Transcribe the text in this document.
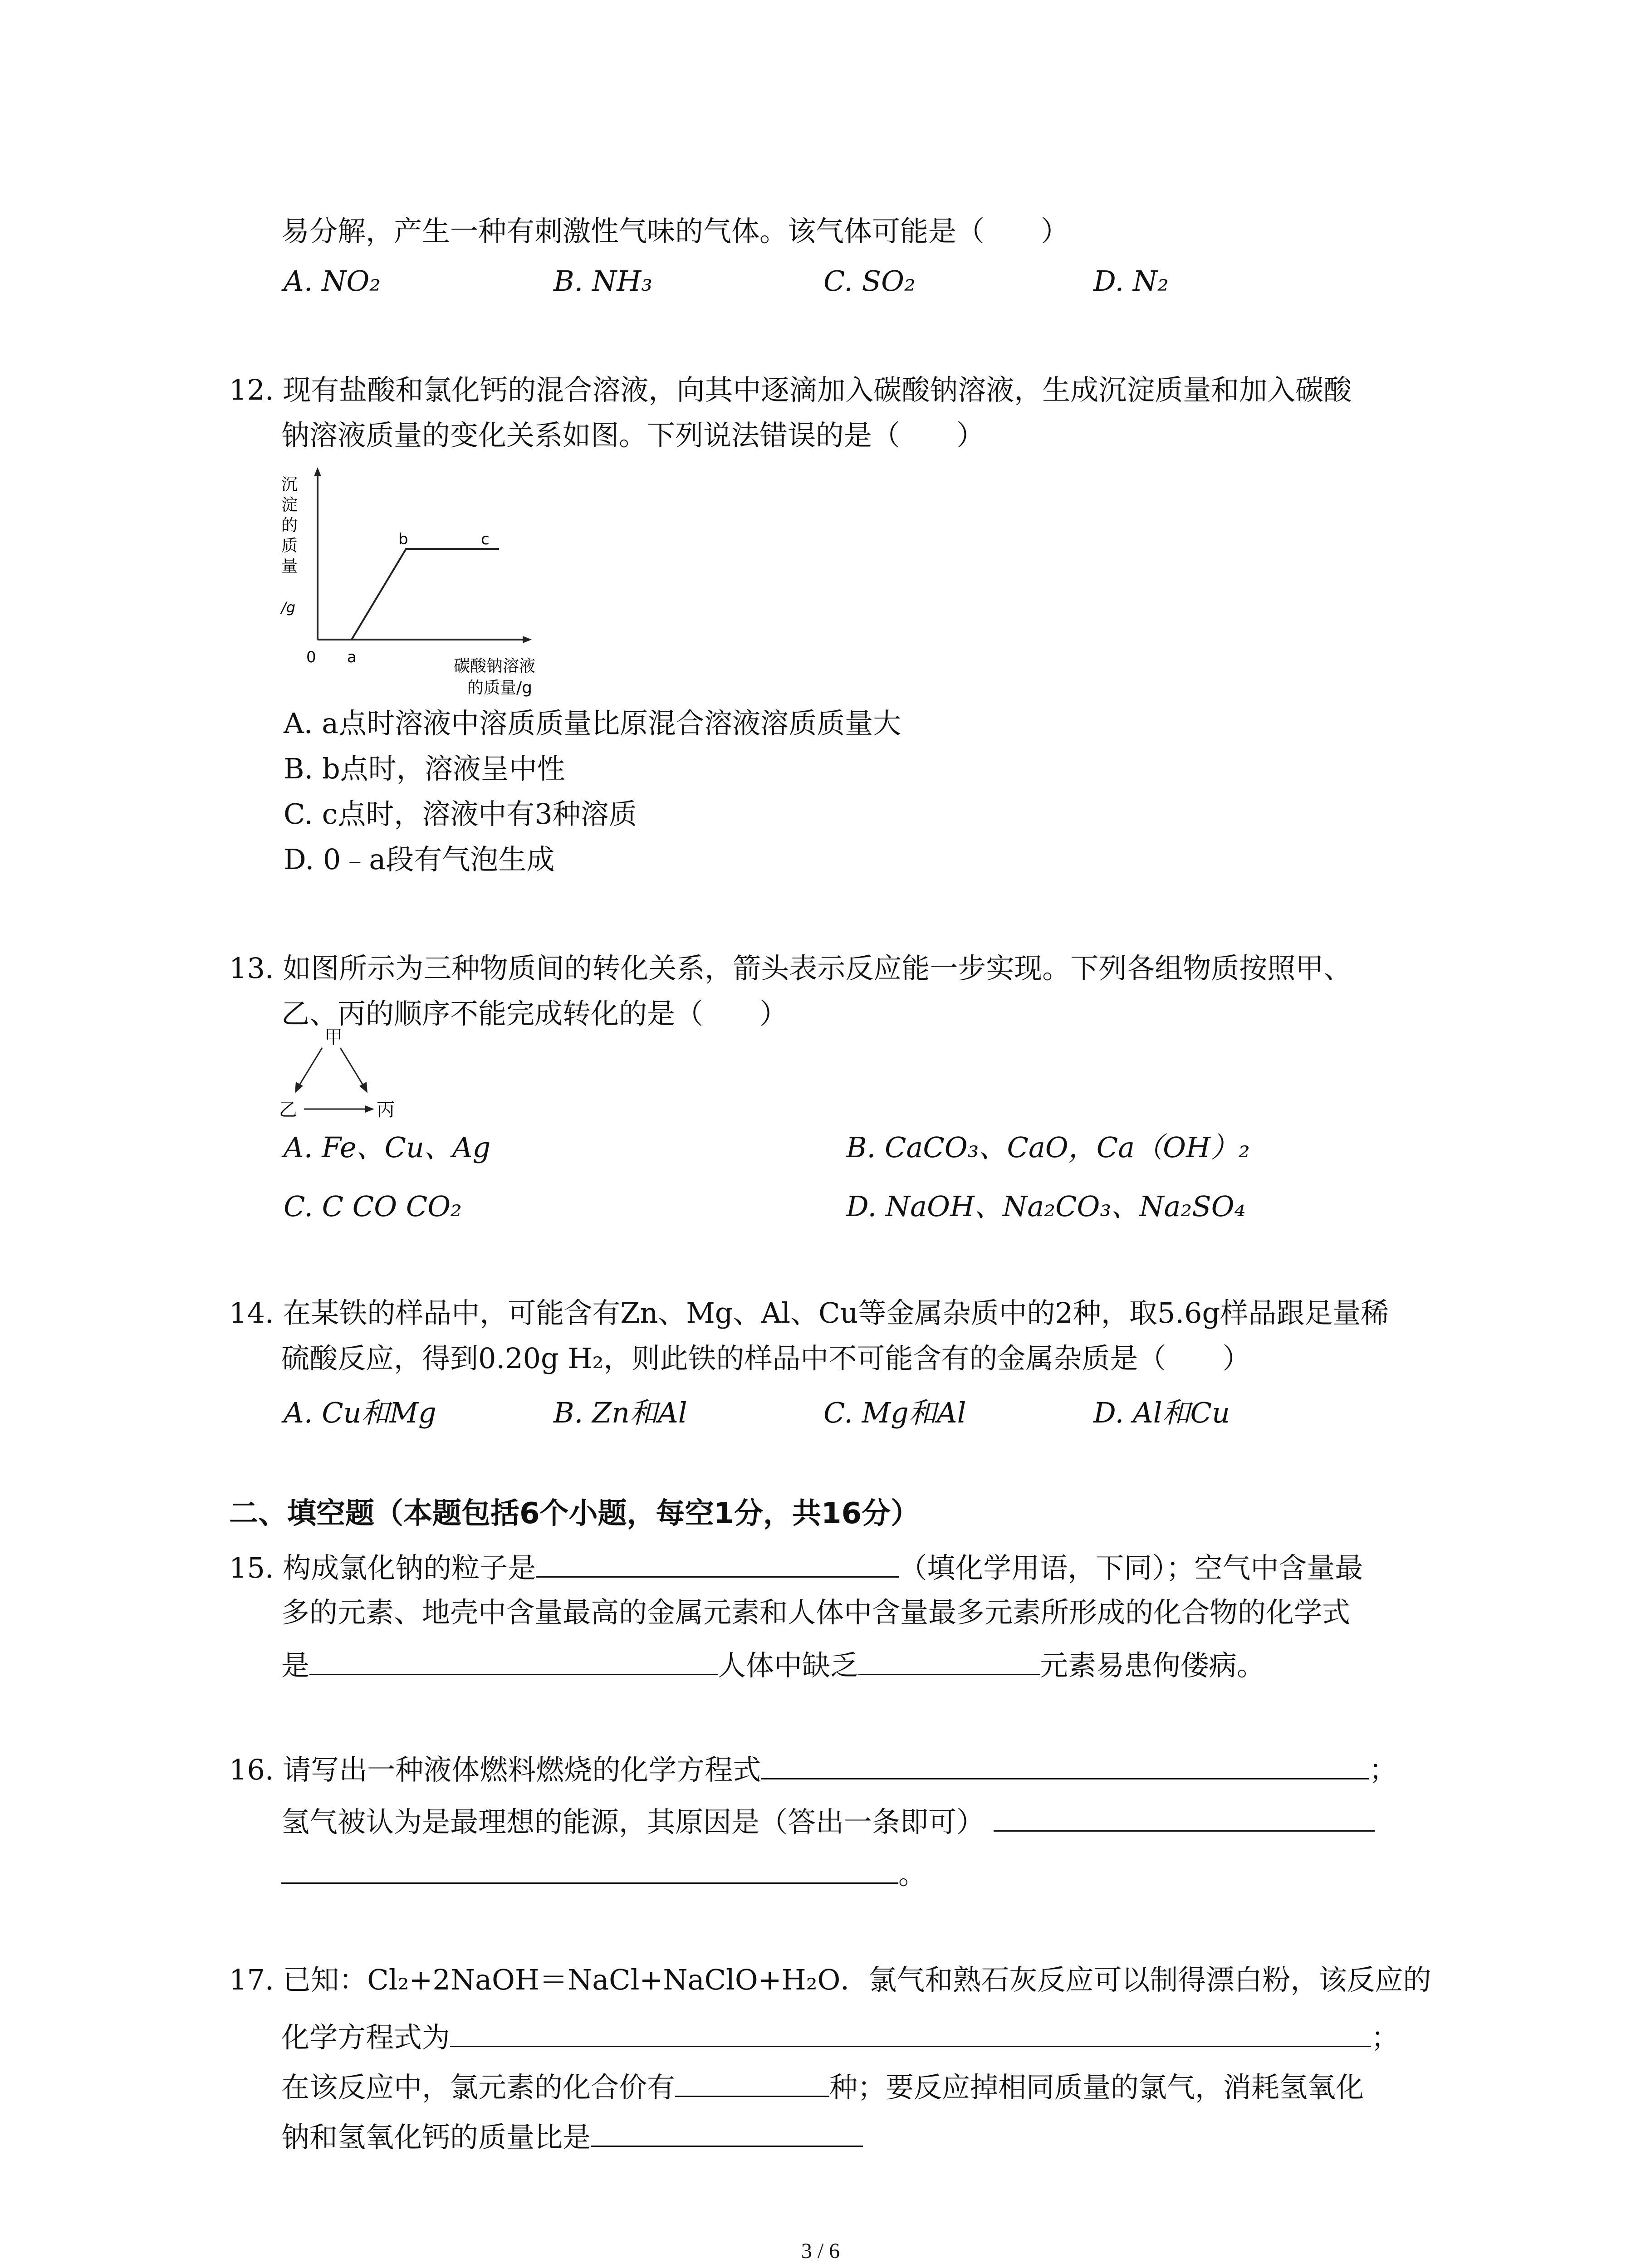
易分解，产生一种有刺激性气味的气体。该气体可能是（　　）
A. NO₂	B. NH₃	C. SO₂	D. N₂
12. 现有盐酸和氯化钙的混合溶液，向其中逐滴加入碳酸钠溶液，生成沉淀质量和加入碳酸
钠溶液质量的变化关系如图。下列说法错误的是（　　）
沉
淀
的
质
量
/g
0 a
b	c
碳酸钠溶液
的质量/g
A. a点时溶液中溶质质量比原混合溶液溶质质量大
B. b点时，溶液呈中性
C. c点时，溶液中有3种溶质
D. 0﹣a段有气泡生成
13. 如图所示为三种物质间的转化关系，箭头表示反应能一步实现。下列各组物质按照甲、
乙、丙的顺序不能完成转化的是（　　）
甲
乙	丙
A. Fe、Cu、Ag	B. CaCO₃、CaO，Ca（OH）₂
C. C CO CO₂	D. NaOH、Na₂CO₃、Na₂SO₄
14. 在某铁的样品中，可能含有Zn、Mg、Al、Cu等金属杂质中的2种，取5.6g样品跟足量稀
硫酸反应，得到0.20g H₂，则此铁的样品中不可能含有的金属杂质是（　　）
A. Cu和Mg	B. Zn和Al	C. Mg和Al	D. Al和Cu
二、填空题（本题包括6个小题，每空1分，共16分）
15. 构成氯化钠的粒子是	（填化学用语，下同）；空气中含量最
多的元素、地壳中含量最高的金属元素和人体中含量最多元素所形成的化合物的化学式
是	人体中缺乏	元素易患佝偻病。
16. 请写出一种液体燃料燃烧的化学方程式	；
氢气被认为是最理想的能源，其原因是（答出一条即可）
。
17. 已知：Cl₂+2NaOH＝NaCl+NaClO+H₂O．氯气和熟石灰反应可以制得漂白粉，该反应的
化学方程式为	；
在该反应中，氯元素的化合价有	种；要反应掉相同质量的氯气，消耗氢氧化
钠和氢氧化钙的质量比是
3 / 6
